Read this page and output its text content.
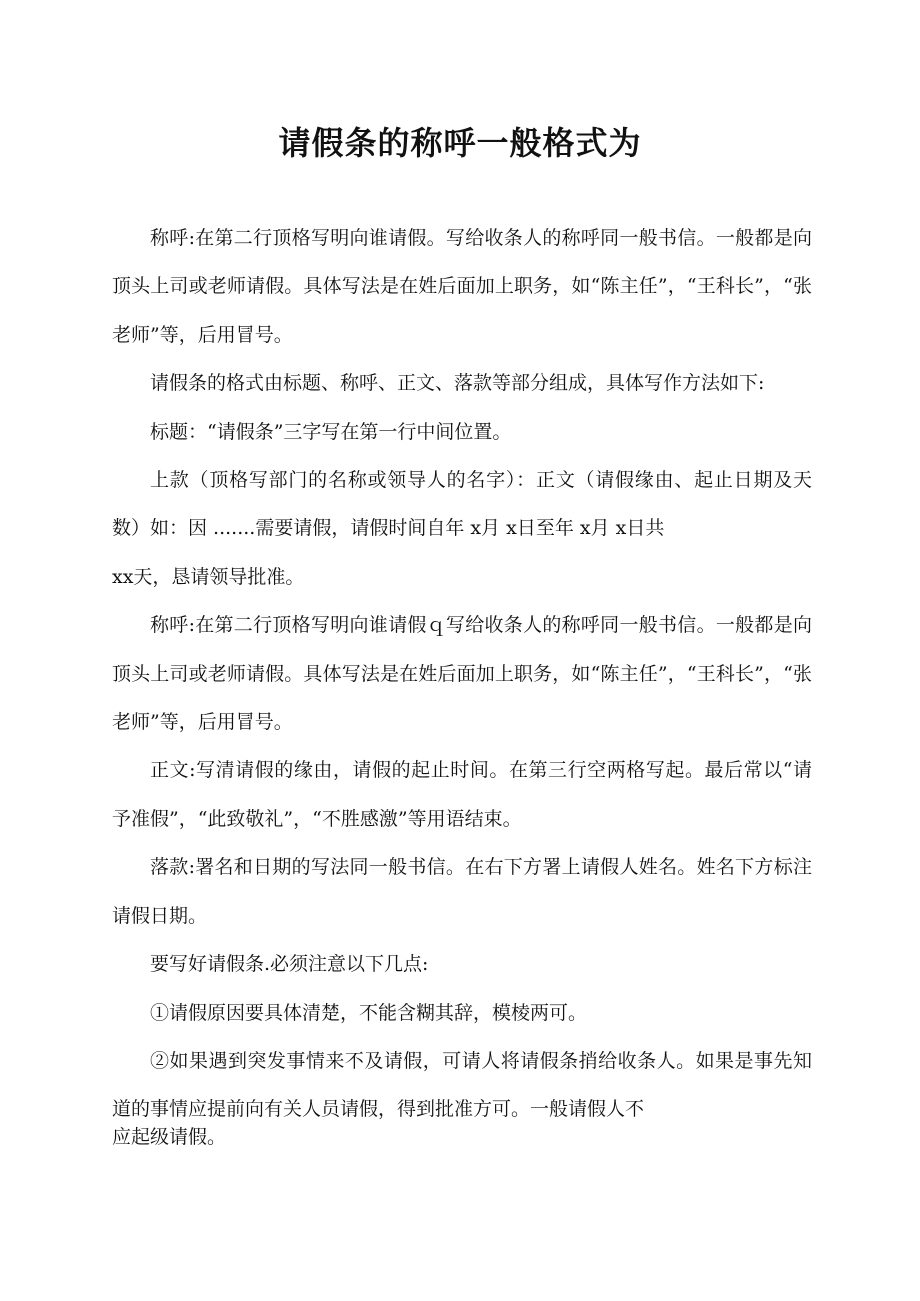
请假条的称呼一般格式为

称呼:在第二行顶格写明向谁请假。写给收条人的称呼同一般书信。一般都是向顶头上司或老师请假。具体写法是在姓后面加上职务，如“陈主任”，“王科长”，“张老师”等，后用冒号。

请假条的格式由标题、称呼、正文、落款等部分组成，具体写作方法如下:

标题：“请假条”三字写在第一行中间位置。

上款（顶格写部门的名称或领导人的名字）：正文（请假缘由、起止日期及天数）如：因 .......需要请假，请假时间自年 x月 x日至年 x月 x日共

xx天，恳请领导批准。

称呼:在第二行顶格写明向谁请假ｑ写给收条人的称呼同一般书信。一般都是向顶头上司或老师请假。具体写法是在姓后面加上职务，如“陈主任”，“王科长”，“张老师”等，后用冒号。

正文:写清请假的缘由，请假的起止时间。在第三行空两格写起。最后常以“请予准假”，“此致敬礼”，“不胜感激”等用语结束。

落款:署名和日期的写法同一般书信。在右下方署上请假人姓名。姓名下方标注请假日期。

要写好请假条.必须注意以下几点:

①请假原因要具体清楚，不能含糊其辞，模棱两可。

②如果遇到突发事情来不及请假，可请人将请假条捎给收条人。如果是事先知道的事情应提前向有关人员请假，得到批准方可。一般请假人不

应起级请假。
